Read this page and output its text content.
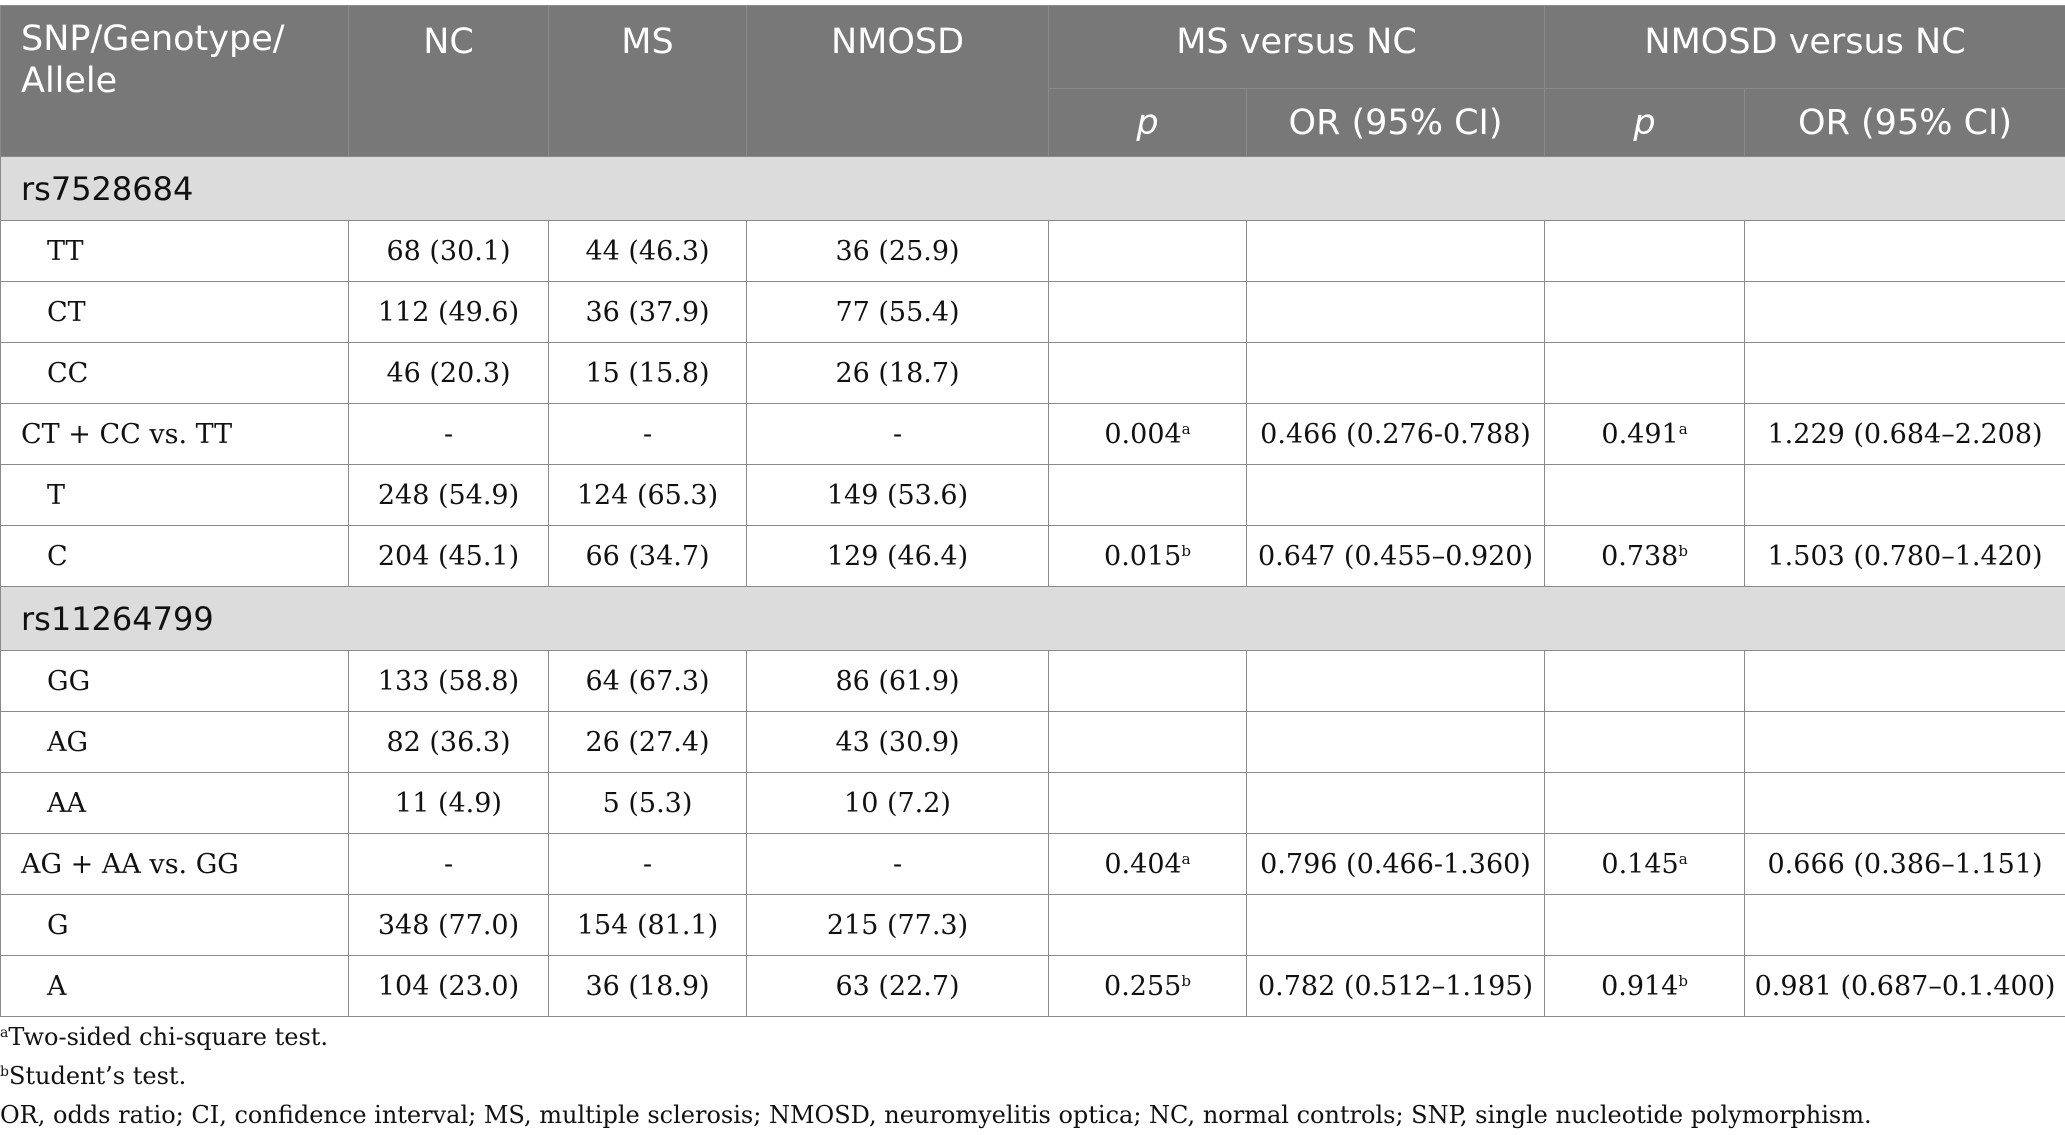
SNP/Genotype/ Allele	NC	MS	NMOSD	MS versus NC		NMOSD versus NC	
				p	OR (95% CI)	p	OR (95% CI)
rs7528684							
TT	68 (30.1)	44 (46.3)	36 (25.9)				
CT	112 (49.6)	36 (37.9)	77 (55.4)				
CC	46 (20.3)	15 (15.8)	26 (18.7)				
CT + CC vs. TT	-	-	-	0.004$^a$	0.466 (0.276-0.788)	0.491$^a$	1.229 (0.684–2.208)
T	248 (54.9)	124 (65.3)	149 (53.6)				
C	204 (45.1)	66 (34.7)	129 (46.4)	0.015$^b$	0.647 (0.455–0.920)	0.738$^b$	1.503 (0.780–1.420)
rs11264799							
GG	133 (58.8)	64 (67.3)	86 (61.9)				
AG	82 (36.3)	26 (27.4)	43 (30.9)				
AA	11 (4.9)	5 (5.3)	10 (7.2)				
AG + AA vs. GG	-	-	-	0.404$^a$	0.796 (0.466-1.360)	0.145$^a$	0.666 (0.386–1.151)
G	348 (77.0)	154 (81.1)	215 (77.3)				
A	104 (23.0)	36 (18.9)	63 (22.7)	0.255$^b$	0.782 (0.512–1.195)	0.914$^b$	0.981 (0.687–0.1.400)
$^a$Two-sided chi-square test.
$^b$Student’s test.
OR, odds ratio; CI, confidence interval; MS, multiple sclerosis; NMOSD, neuromyelitis optica; NC, normal controls; SNP, single nucleotide polymorphism.
